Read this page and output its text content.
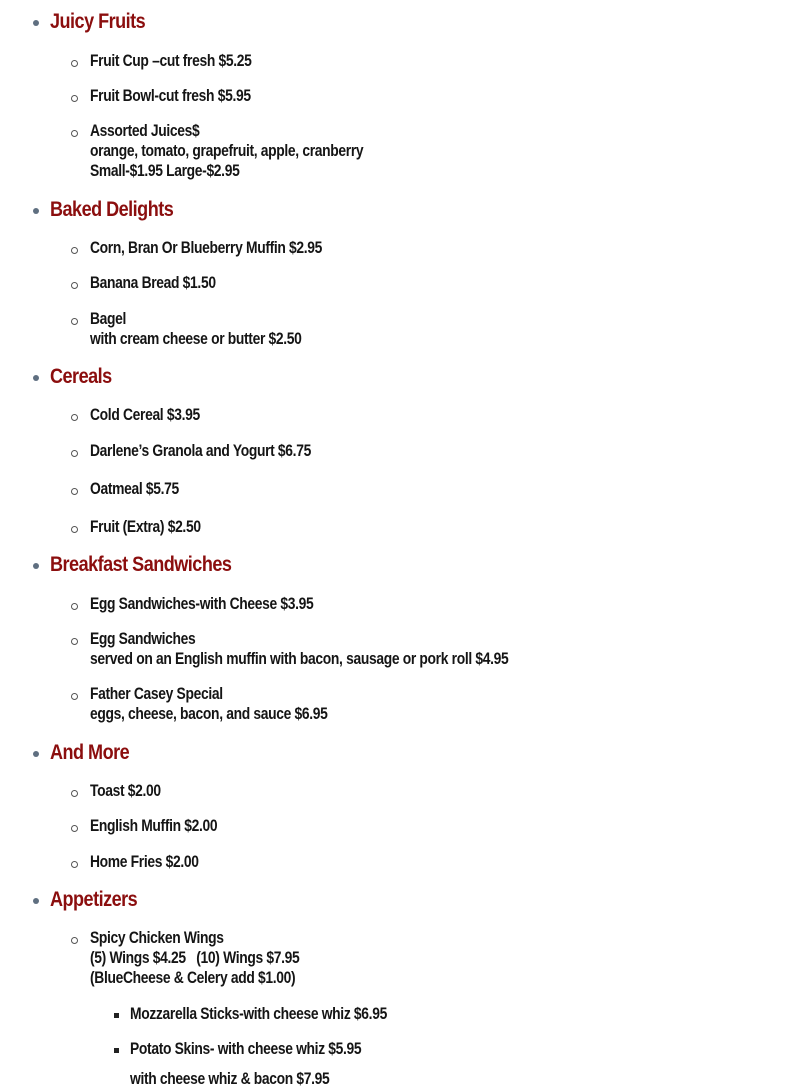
Juicy Fruits
Fruit Cup –cut fresh $5.25
Fruit Bowl-cut fresh $5.95
Assorted Juices$
orange, tomato, grapefruit, apple, cranberry
Small-$1.95 Large-$2.95
Baked Delights
Corn, Bran Or Blueberry Muffin $2.95
Banana Bread $1.50
Bagel
with cream cheese or butter $2.50
Cereals
Cold Cereal $3.95
Darlene’s Granola and Yogurt $6.75
Oatmeal $5.75
Fruit (Extra) $2.50
Breakfast Sandwiches
Egg Sandwiches-with Cheese $3.95
Egg Sandwiches
served on an English muffin with bacon, sausage or pork roll $4.95
Father Casey Special
eggs, cheese, bacon, and sauce $6.95
And More
Toast $2.00
English Muffin $2.00
Home Fries $2.00
Appetizers
Spicy Chicken Wings
(5) Wings $4.25   (10) Wings $7.95
(BlueCheese & Celery add $1.00)
Mozzarella Sticks-with cheese whiz $6.95
Potato Skins- with cheese whiz $5.95
with cheese whiz & bacon $7.95
